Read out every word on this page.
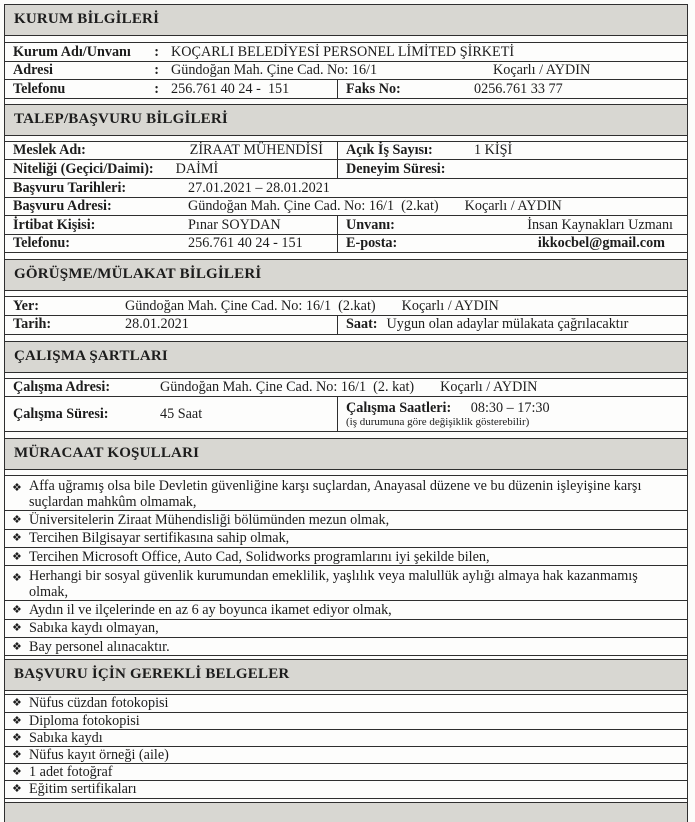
KURUM BİLGİLERİ
Kurum Adı/Unvanı : KOÇARLI BELEDİYESİ PERSONEL LİMİTED ŞİRKETİ
Adresi	: Gündoğan Mah. Çine Cad. No: 16/1	Koçarlı / AYDIN
Telefonu	: 256.761 40 24 -  151	Faks No:	0256.761 33 77
TALEP/BAŞVURU BİLGİLERİ
Meslek Adı:	ZİRAAT MÜHENDİSİ	Açık İş Sayısı:	1 KİŞİ
Niteliği (Geçici/Daimi): DAİMİ	Deneyim Süresi:
Başvuru Tarihleri:	27.01.2021 – 28.01.2021
Başvuru Adresi:	Gündoğan Mah. Çine Cad. No: 16/1  (2.kat) Koçarlı / AYDIN
İrtibat Kişisi:	Pınar SOYDAN	Unvanı:	İnsan Kaynakları Uzmanı
Telefonu:	256.761 40 24 - 151	E-posta:	ikkocbel@gmail.com
GÖRÜŞME/MÜLAKAT BİLGİLERİ
Yer:	Gündoğan Mah. Çine Cad. No: 16/1  (2.kat) Koçarlı / AYDIN
Tarih:	28.01.2021	Saat: Uygun olan adaylar mülakata çağrılacaktır
ÇALIŞMA ŞARTLARI
Çalışma Adresi:	Gündoğan Mah. Çine Cad. No: 16/1  (2. kat) Koçarlı / AYDIN
Çalışma Süresi:	45 Saat	Çalışma Saatleri: 08:30 – 17:30
(iş durumuna göre değişiklik gösterebilir)
MÜRACAAT KOŞULLARI
❖ Affa uğramış olsa bile Devletin güvenliğine karşı suçlardan, Anayasal düzene ve bu düzenin işleyişine karşı suçlardan mahkûm olmamak,
❖ Üniversitelerin Ziraat Mühendisliği bölümünden mezun olmak,
❖ Tercihen Bilgisayar sertifikasına sahip olmak,
❖ Tercihen Microsoft Office, Auto Cad, Solidworks programlarını iyi şekilde bilen,
❖ Herhangi bir sosyal güvenlik kurumundan emeklilik, yaşlılık veya malullük aylığı almaya hak kazanmamış olmak,
❖ Aydın il ve ilçelerinde en az 6 ay boyunca ikamet ediyor olmak,
❖ Sabıka kaydı olmayan,
❖ Bay personel alınacaktır.
BAŞVURU İÇİN GEREKLİ BELGELER
❖ Nüfus cüzdan fotokopisi
❖ Diploma fotokopisi
❖ Sabıka kaydı
❖ Nüfus kayıt örneği (aile)
❖ 1 adet fotoğraf
❖ Eğitim sertifikaları
